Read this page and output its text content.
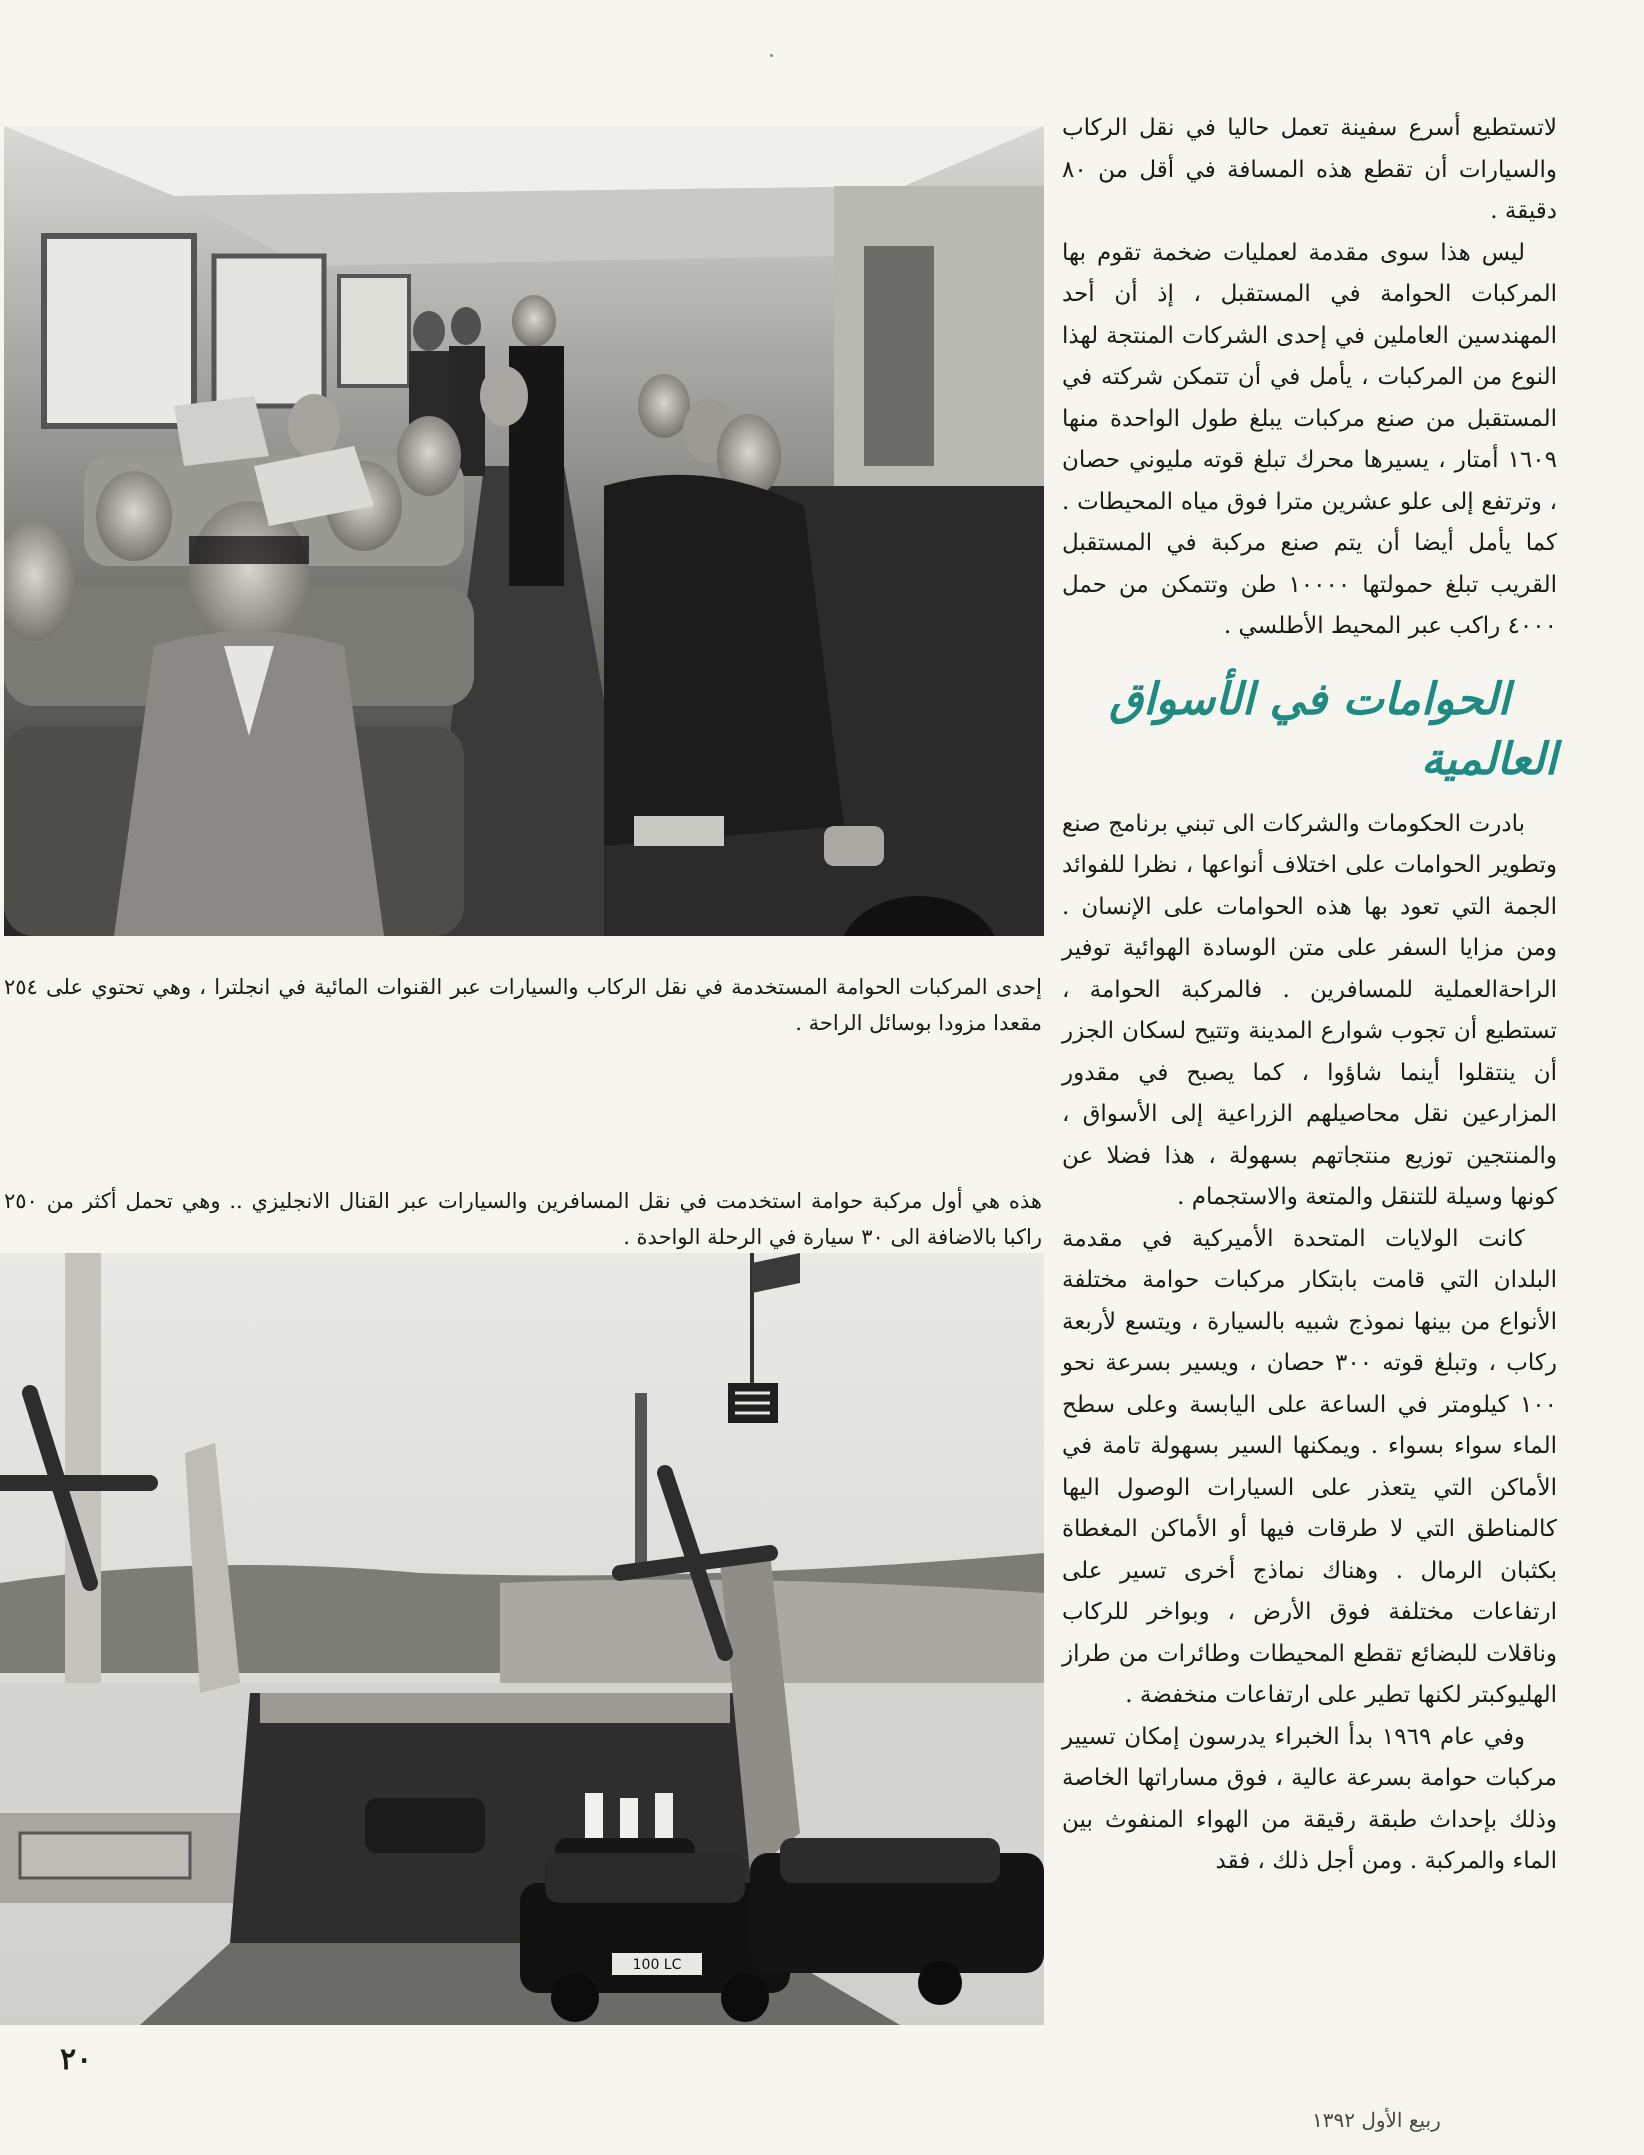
إحدى المركبات الحوامة المستخدمة في نقل الركاب والسيارات عبر القنوات المائية في انجلترا ، وهي تحتوي على ٢٥٤ مقعدا مزودا بوسائل الراحة .

هذه هي أول مركبة حوامة استخدمت في نقل المسافرين والسيارات عبر القنال الانجليزي .. وهي تحمل أكثر من ٢٥٠ راكبا بالاضافة الى ٣٠ سيارة في الرحلة الواحدة .

100 LC

لاتستطيع أسرع سفينة تعمل حاليا في نقل الركاب والسيارات أن تقطع هذه المسافة في أقل من ٨٠ دقيقة .

ليس هذا سوى مقدمة لعمليات ضخمة تقوم بها المركبات الحوامة في المستقبل ، إذ أن أحد المهندسين العاملين في إحدى الشركات المنتجة لهذا النوع من المركبات ، يأمل في أن تتمكن شركته في المستقبل من صنع مركبات يبلغ طول الواحدة منها ١٦٠٩ أمتار ، يسيرها محرك تبلغ قوته مليوني حصان ، وترتفع إلى علو عشرين مترا فوق مياه المحيطات . كما يأمل أيضا أن يتم صنع مركبة في المستقبل القريب تبلغ حمولتها ١٠٠٠٠ طن وتتمكن من حمل ٤٠٠٠ راكب عبر المحيط الأطلسي .

الحوامات في الأسواق العالمية

بادرت الحكومات والشركات الى تبني برنامج صنع وتطوير الحوامات على اختلاف أنواعها ، نظرا للفوائد الجمة التي تعود بها هذه الحوامات على الإنسان . ومن مزايا السفر على متن الوسادة الهوائية توفير الراحةالعملية للمسافرين . فالمركبة الحوامة ، تستطيع أن تجوب شوارع المدينة وتتيح لسكان الجزر أن ينتقلوا أينما شاؤوا ، كما يصبح في مقدور المزارعين نقل محاصيلهم الزراعية إلى الأسواق ، والمنتجين توزيع منتجاتهم بسهولة ، هذا فضلا عن كونها وسيلة للتنقل والمتعة والاستجمام .

كانت الولايات المتحدة الأميركية في مقدمة البلدان التي قامت بابتكار مركبات حوامة مختلفة الأنواع من بينها نموذج شبيه بالسيارة ، ويتسع لأربعة ركاب ، وتبلغ قوته ٣٠٠ حصان ، ويسير بسرعة نحو ١٠٠ كيلومتر في الساعة على اليابسة وعلى سطح الماء سواء بسواء . ويمكنها السير بسهولة تامة في الأماكن التي يتعذر على السيارات الوصول اليها كالمناطق التي لا طرقات فيها أو الأماكن المغطاة بكثبان الرمال . وهناك نماذج أخرى تسير على ارتفاعات مختلفة فوق الأرض ، وبواخر للركاب وناقلات للبضائع تقطع المحيطات وطائرات من طراز الهليوكبتر لكنها تطير على ارتفاعات منخفضة .

وفي عام ١٩٦٩ بدأ الخبراء يدرسون إمكان تسيير مركبات حوامة بسرعة عالية ، فوق مساراتها الخاصة وذلك بإحداث طبقة رقيقة من الهواء المنفوث بين الماء والمركبة . ومن أجل ذلك ، فقد

٢٠
ربيع الأول ١٣٩٢
